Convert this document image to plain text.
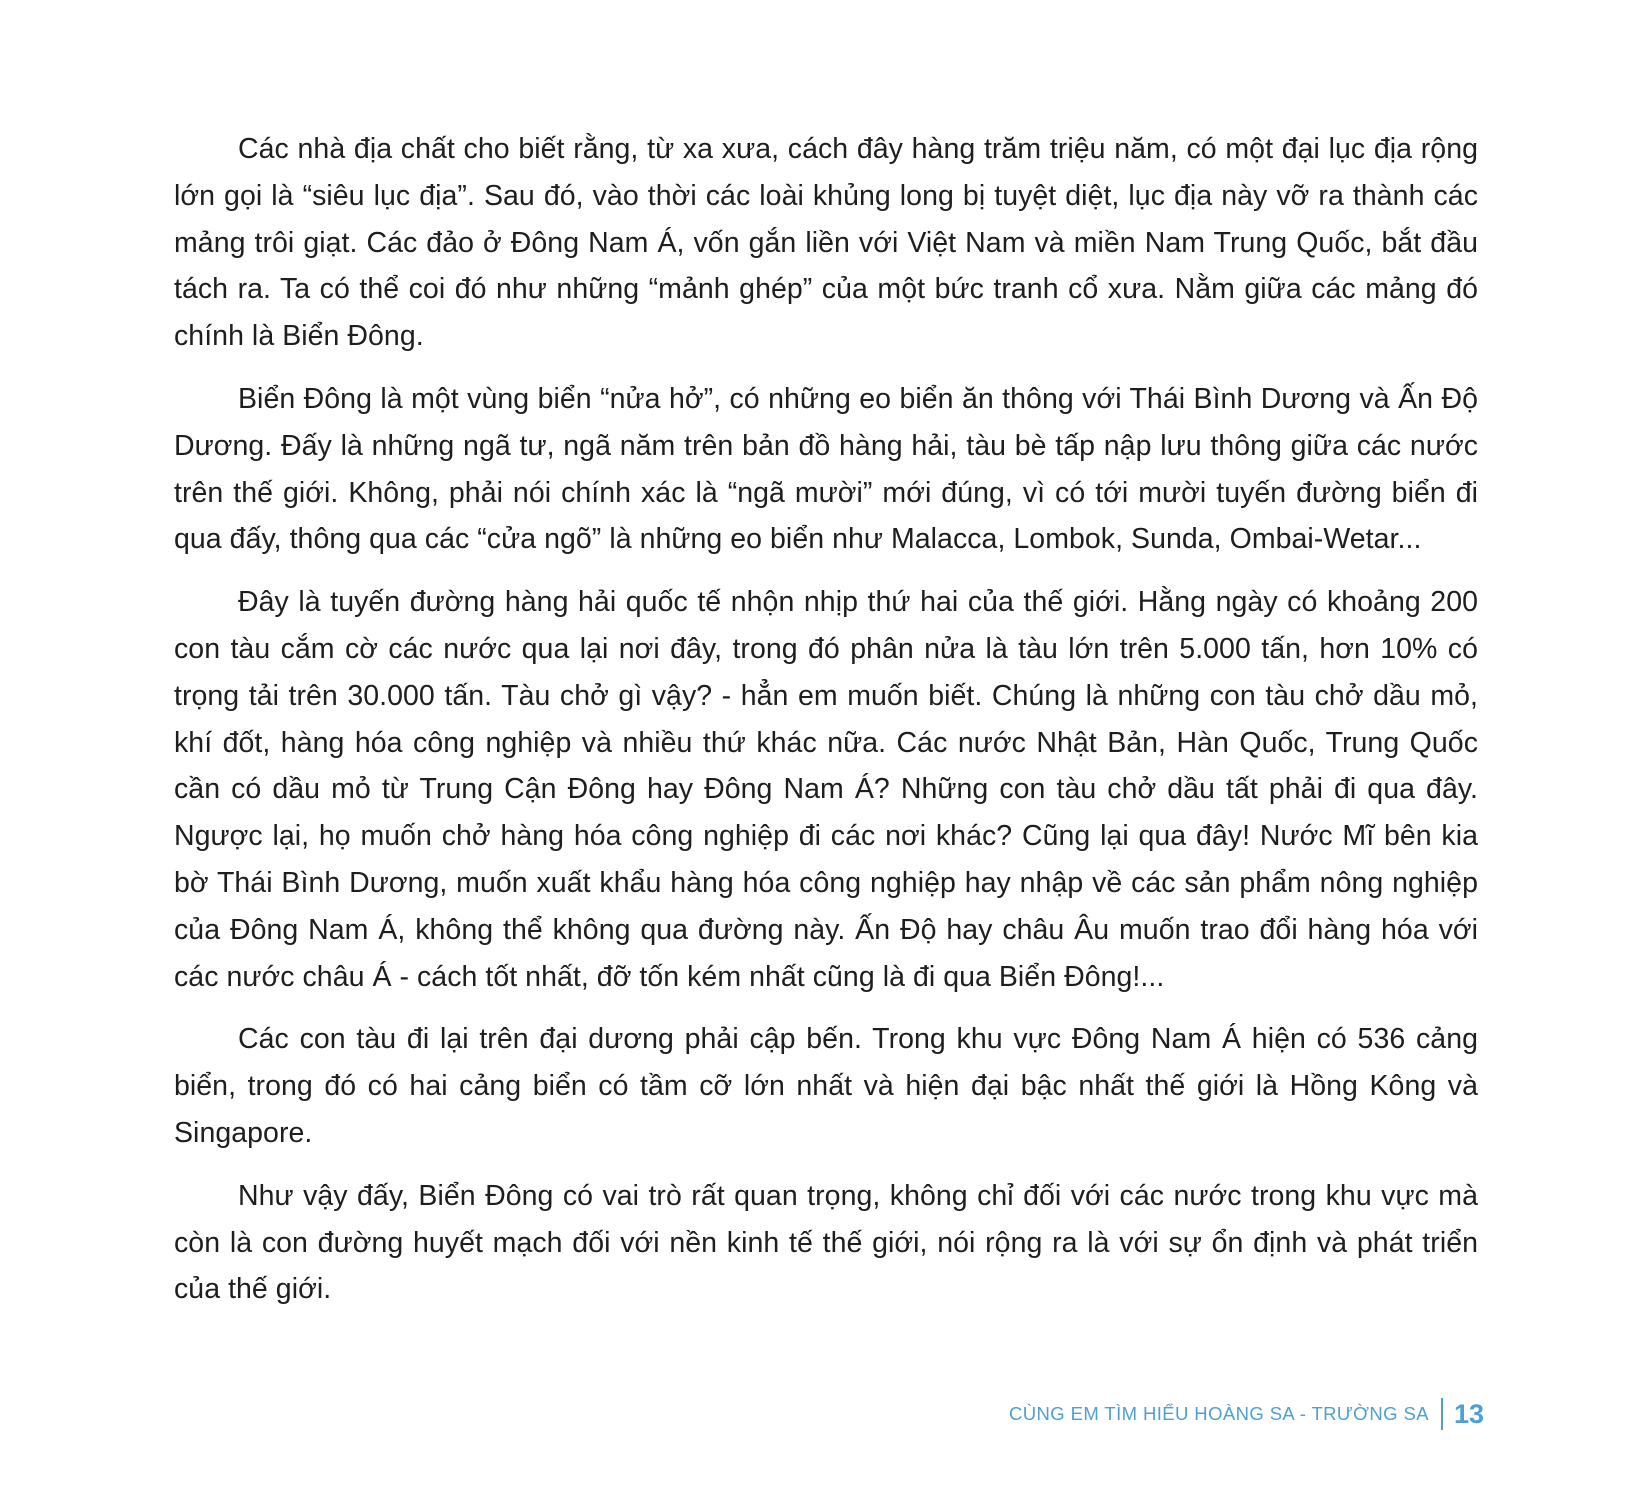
Các nhà địa chất cho biết rằng, từ xa xưa, cách đây hàng trăm triệu năm, có một đại lục địa rộng lớn gọi là “siêu lục địa”. Sau đó, vào thời các loài khủng long bị tuyệt diệt, lục địa này vỡ ra thành các mảng trôi giạt. Các đảo ở Đông Nam Á, vốn gắn liền với Việt Nam và miền Nam Trung Quốc, bắt đầu tách ra. Ta có thể coi đó như những “mảnh ghép” của một bức tranh cổ xưa. Nằm giữa các mảng đó chính là Biển Đông.

Biển Đông là một vùng biển “nửa hở”, có những eo biển ăn thông với Thái Bình Dương và Ấn Độ Dương. Đấy là những ngã tư, ngã năm trên bản đồ hàng hải, tàu bè tấp nập lưu thông giữa các nước trên thế giới. Không, phải nói chính xác là “ngã mười” mới đúng, vì có tới mười tuyến đường biển đi qua đấy, thông qua các “cửa ngõ” là những eo biển như Malacca, Lombok, Sunda, Ombai-Wetar...

Đây là tuyến đường hàng hải quốc tế nhộn nhịp thứ hai của thế giới. Hằng ngày có khoảng 200 con tàu cắm cờ các nước qua lại nơi đây, trong đó phân nửa là tàu lớn trên 5.000 tấn, hơn 10% có trọng tải trên 30.000 tấn. Tàu chở gì vậy? - hẳn em muốn biết. Chúng là những con tàu chở dầu mỏ, khí đốt, hàng hóa công nghiệp và nhiều thứ khác nữa. Các nước Nhật Bản, Hàn Quốc, Trung Quốc cần có dầu mỏ từ Trung Cận Đông hay Đông Nam Á? Những con tàu chở dầu tất phải đi qua đây. Ngược lại, họ muốn chở hàng hóa công nghiệp đi các nơi khác? Cũng lại qua đây! Nước Mĩ bên kia bờ Thái Bình Dương, muốn xuất khẩu hàng hóa công nghiệp hay nhập về các sản phẩm nông nghiệp của Đông Nam Á, không thể không qua đường này. Ấn Độ hay châu Âu muốn trao đổi hàng hóa với các nước châu Á - cách tốt nhất, đỡ tốn kém nhất cũng là đi qua Biển Đông!...

Các con tàu đi lại trên đại dương phải cập bến. Trong khu vực Đông Nam Á hiện có 536 cảng biển, trong đó có hai cảng biển có tầm cỡ lớn nhất và hiện đại bậc nhất thế giới là Hồng Kông và Singapore.

Như vậy đấy, Biển Đông có vai trò rất quan trọng, không chỉ đối với các nước trong khu vực mà còn là con đường huyết mạch đối với nền kinh tế thế giới, nói rộng ra là với sự ổn định và phát triển của thế giới.

CÙNG EM TÌM HIỂU HOÀNG SA - TRƯỜNG SA 13
